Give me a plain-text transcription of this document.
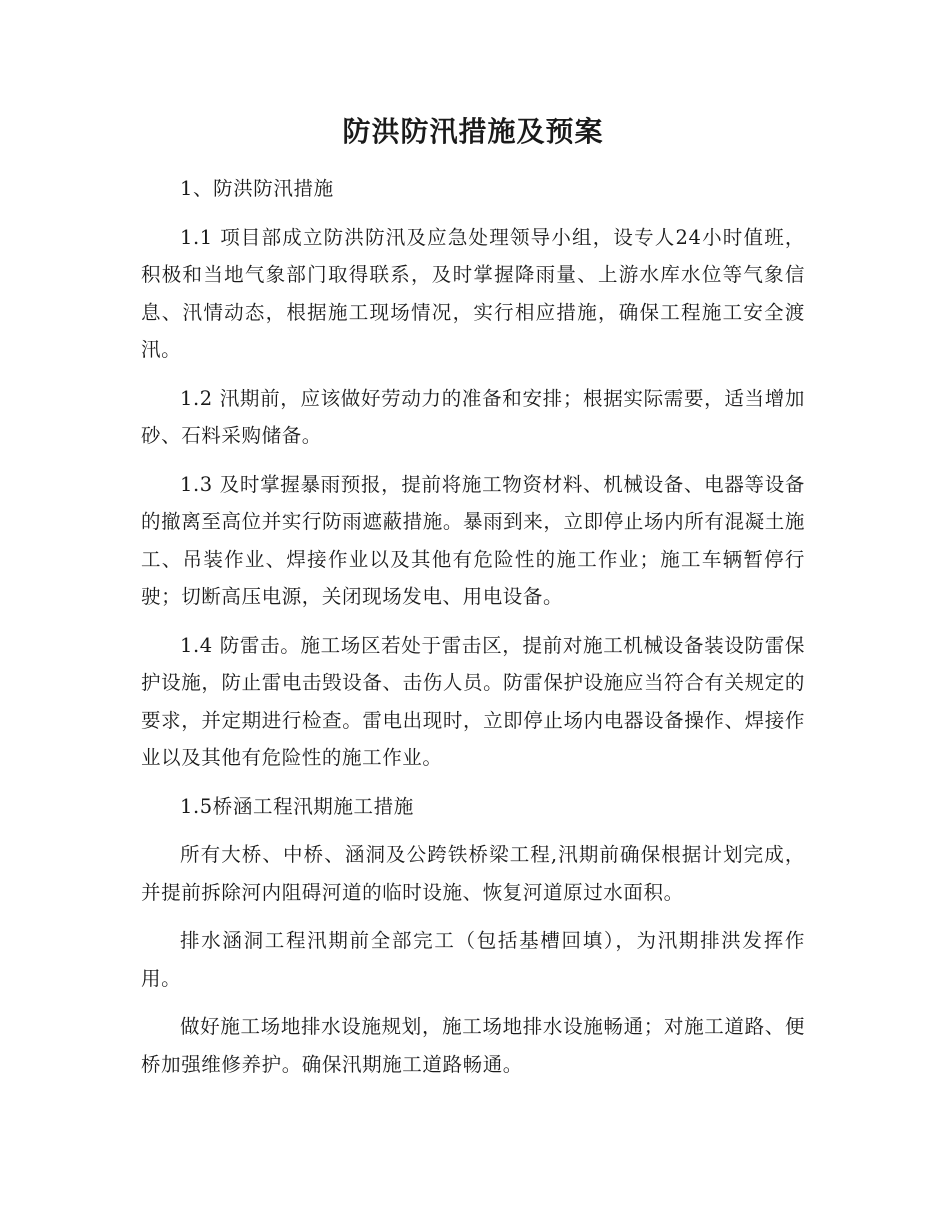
防洪防汛措施及预案

1、防洪防汛措施

1.1 项目部成立防洪防汛及应急处理领导小组，设专人24小时值班，积极和当地气象部门取得联系，及时掌握降雨量、上游水库水位等气象信息、汛情动态，根据施工现场情况，实行相应措施，确保工程施工安全渡汛。

1.2 汛期前，应该做好劳动力的准备和安排；根据实际需要，适当增加砂、石料采购储备。

1.3 及时掌握暴雨预报，提前将施工物资材料、机械设备、电器等设备的撤离至高位并实行防雨遮蔽措施。暴雨到来，立即停止场内所有混凝土施工、吊装作业、焊接作业以及其他有危险性的施工作业；施工车辆暂停行驶；切断高压电源，关闭现场发电、用电设备。

1.4 防雷击。施工场区若处于雷击区，提前对施工机械设备装设防雷保护设施，防止雷电击毁设备、击伤人员。防雷保护设施应当符合有关规定的要求，并定期进行检查。雷电出现时，立即停止场内电器设备操作、焊接作业以及其他有危险性的施工作业。

1.5桥涵工程汛期施工措施

所有大桥、中桥、涵洞及公跨铁桥梁工程,汛期前确保根据计划完成，并提前拆除河内阻碍河道的临时设施、恢复河道原过水面积。

排水涵洞工程汛期前全部完工（包括基槽回填），为汛期排洪发挥作用。

做好施工场地排水设施规划，施工场地排水设施畅通；对施工道路、便桥加强维修养护。确保汛期施工道路畅通。
